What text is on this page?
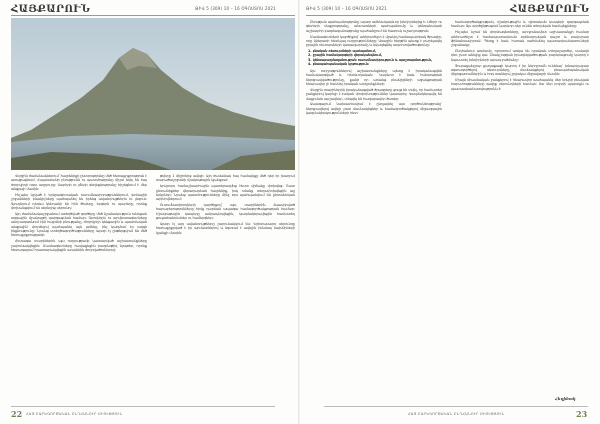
ՀԱՅՔԱՐՈՒՆ	ԹԻՎ 5 (309) 10 – 16 ՕԳՈՍՏՈՍ 2021

Վերջին ժամանակներում՝ հայրենիքի ընտրությունը մեծ հետաքրքրություն է առաջացնում։ Հայաստանի բնությունն ու պատմությունը միշտ եղել են հայ ժողովրդի ոգու աղբյուրը։ Սարերի ու լճերի գեղեցկությունը հիշեցնում է մեր անցյալի մասին։

Ինչպես նշված է երկրագիտական ուսումնասիրություններում, լեռնային շրջանների բնակիչները պահպանել են իրենց ավանդույթներն ու լեզուն։ Գյուղերում դեռևս կենդանի են հին ծեսերը, երգերն ու պարերը, որոնք փոխանցվում են սերնդից սերունդ։

Այդ ժամանակաշրջանում ստեղծված գործերը մեծ նշանակություն ունեցան ազգային մշակույթի զարգացման համար։ Գրողներն ու արվեստագետները անդրադառնում էին հայրենի բնությանը, ժողովրդի կենցաղին և պատմական անցյալին՝ փորձելով պահպանել այն ամենը, ինչ կազմում էր ազգի ինքնությունը։ Նրանց ստեղծագործությունները այսօր էլ ընթերցվում են մեծ հետաքրքրությամբ։

Հետագա տարիներին այս ուղղությամբ կատարված աշխատանքները շարունակվեցին։ Մասնագետները հավաքեցին բազմաթիվ նյութեր, որոնք հետագայում հրատարակվեցին առանձին ժողովածուներով։

թվերը 1 միլիոնից ավելի։ Այդ ժամանակ հայ համայնքը մեծ դեր էր խաղում տարածաշրջանի մշակութային կյանքում։

Երկրորդ համաշխարհային պատերազմից հետո վիճակը փոխվեց։ Շատ ընտանիքներ վերադարձան հայրենիք, իսկ ոմանք տեղափոխվեցին այլ երկրներ։ Նրանց պատմությունները մինչ օրս պահպանվում են ընտանեկան արխիվներում։

Ուսումնասիրողների կարծիքով՝ այդ տարիներին ձևավորված հարաբերությունները հիմք դարձան ապագա համագործակցության համար։ Մշակութային կապերը ամրապնդվեցին, կազմակերպվեցին համատեղ ցուցահանդեսներ ու համերգներ։

Այսօր էլ այդ ավանդույթները շարունակվում են։ Երիտասարդ սերունդը հետաքրքրված է իր արմատներով և ձգտում է ավելին իմանալ նախնիների կյանքի մասին։

22 ՀԱՅ ԲԱՐԵԳՈՐԾԱԿԱՆ ԸՆԴՀԱՆՈՒՐ ՄԻՈՒԹՅՈՒՆ
ԹԻՎ 5 (309) 10 – 16 ՕԳՈՍՏՈՍ 2021	ՀԱՅՔԱՐՈՒՆ

Բնության պահպանությունը այսօր ամենակարևոր խնդիրներից է։ Լճերի ու գետերի մաքրությունը, անտառների պահպանումը և կենդանական աշխարհի բազմազանությունը պահանջում են հատուկ ուշադրություն։

Մասնագետների կարծիքով՝ անհրաժեշտ է մշակել համապարփակ ծրագիր, որը կներառի հետևյալ ուղղությունները։ Առաջին հերթին պետք է բարելավել ջրային ռեսուրսների կառավարումը և նվազեցնել աղտոտվածությունը։

1. բնական ռեսուրսների պահպանում,
2. ջրային համակարգերի վերականգնում,
3. կենսաբազմազանության ուսումնասիրություն և պաշտպանություն,
4. բնապահպանական կրթություն։

Այս ուղղություններով աշխատանքները պետք է իրականացվեն համակարգված և հետևողական։ Կարևոր է նաև հանրության ներգրավվածությունը, քանի որ առանց բնակիչների աջակցության հնարավոր չէ հասնել իրական արդյունքների։

Վերջին տարիներին իրականացված ծրագրերը ցույց են տվել, որ համատեղ ջանքերով կարելի է էական փոփոխություններ կատարել։ Կազմակերպվել են մաքրման արշավներ, տնկվել են հազարավոր ծառեր։

Ապագայում նախատեսվում է ընդլայնել այս գործունեությունը՝ ներգրավելով ավելի շատ մասնակիցներ և համագործակցելով միջազգային կազմակերպությունների հետ։

համագործակցության, մշակութային և գիտական կապերի զարգացման համար։ Այս գործընթացում կարևոր դեր ունեն տեղական համայնքները։

Ինչպես նշում են փորձագետները, արդյունավետ աշխատանքի համար անհրաժեշտ է համապատասխան օրենսդրական դաշտ և բավարար ֆինանսավորում։ Պետք է նաև հստակ սահմանել պատասխանատուների շրջանակը։

Ընդհանուր առմամբ, ոլորտում առկա են դրական տեղաշարժեր, սակայն դեռ շատ անելիք կա։ Բնակչության իրազեկվածության բարձրացումը կարող է նպաստել խնդիրների արագ լուծմանը։

Յուրաքանչյուր քաղաքացի կարող է իր ներդրումն ունենալ՝ խնայողաբար օգտագործելով ռեսուրսները, մասնակցելով բնապահպանական միջոցառումներին և հոգ տանելով շրջակա միջավայրի մասին։

Միայն միասնական ջանքերով է հնարավոր պահպանել մեր երկրի բնական հարստությունները գալիք սերունդների համար։ Սա մեր բոլորի պարտքն ու պատասխանատվությունն է։

Հեղինակ
ՀԱՅ ԲԱՐԵԳՈՐԾԱԿԱՆ ԸՆԴՀԱՆՈՒՐ ՄԻՈՒԹՅՈՒՆ	23
